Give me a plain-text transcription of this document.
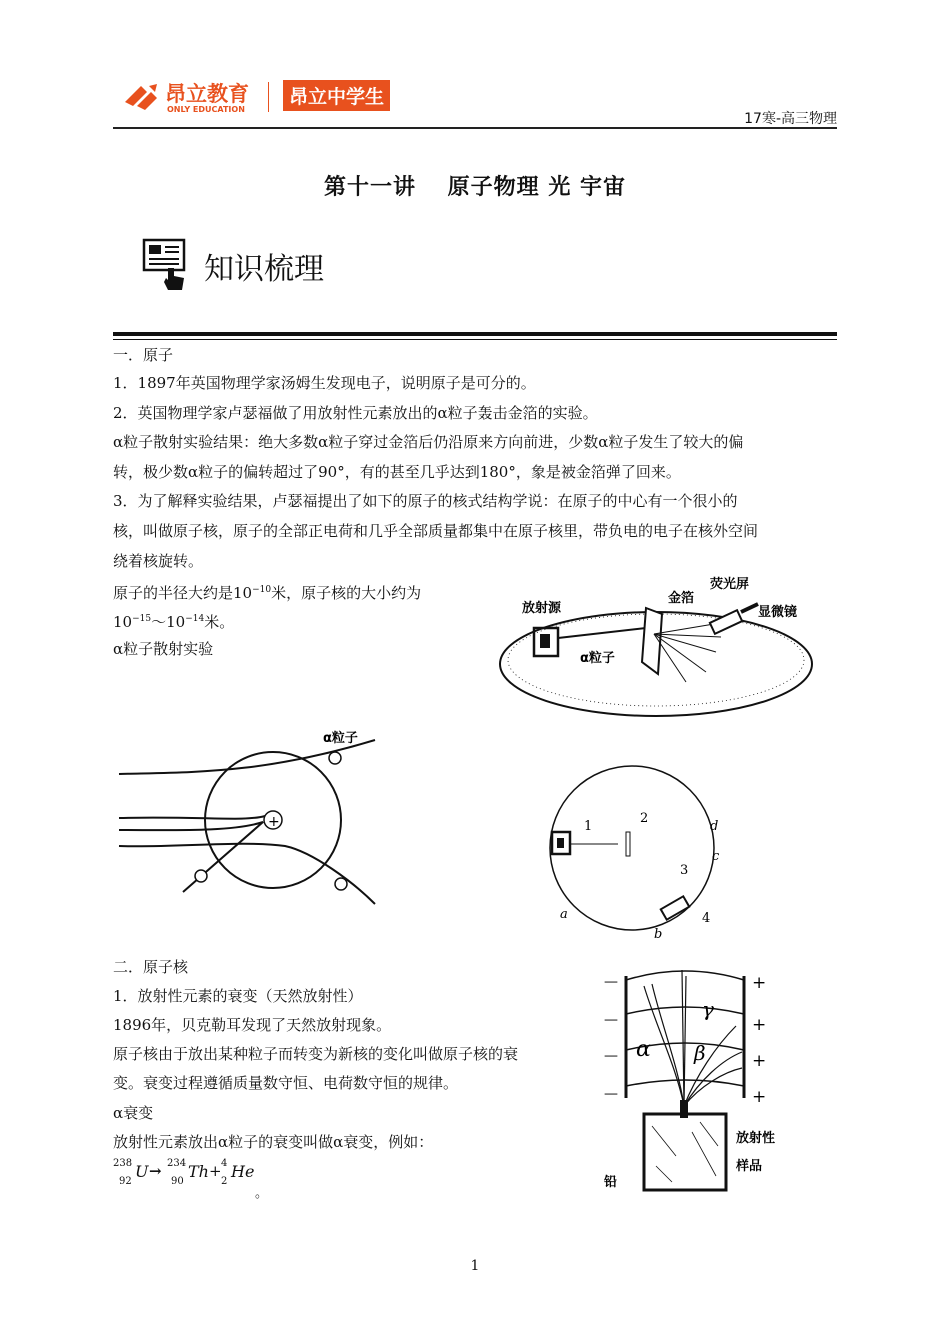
昂立教育
ONLY EDUCATION
昂立中学生
17寒-高三物理
第十一讲　 原子物理 光 宇宙
知识梳理
一．原子
1．1897年英国物理学家汤姆生发现电子，说明原子是可分的。
2．英国物理学家卢瑟福做了用放射性元素放出的α粒子轰击金箔的实验。
α粒子散射实验结果：绝大多数α粒子穿过金箔后仍沿原来方向前进，少数α粒子发生了较大的偏
转，极少数α粒子的偏转超过了90°，有的甚至几乎达到180°，象是被金箔弹了回来。
3．为了解释实验结果，卢瑟福提出了如下的原子的核式结构学说：在原子的中心有一个很小的
核，叫做原子核，原子的全部正电荷和几乎全部质量都集中在原子核里，带负电的电子在核外空间
绕着核旋转。
原子的半径大约是$10^{-10}$米，原子核的大小约为
$10^{-15}\sim 10^{-14}$米。
α粒子散射实验
放射源
金箔
荧光屏
显微镜
α粒子
+
α粒子
1
2
3
4
a
b
c
d
二．原子核
1．放射性元素的衰变（天然放射性）
1896年，贝克勒耳发现了天然放射现象。
原子核由于放出某种粒子而转变为新核的变化叫做原子核的衰
变。衰变过程遵循质量数守恒、电荷数守恒的规律。
α衰变
放射性元素放出α粒子的衰变叫做α衰变，例如：
238
92
U → 234
90
Th + 4
2
He
。
—
—
—
—
+
+
+
+
α β
γ
放射性
样品
铅
1
